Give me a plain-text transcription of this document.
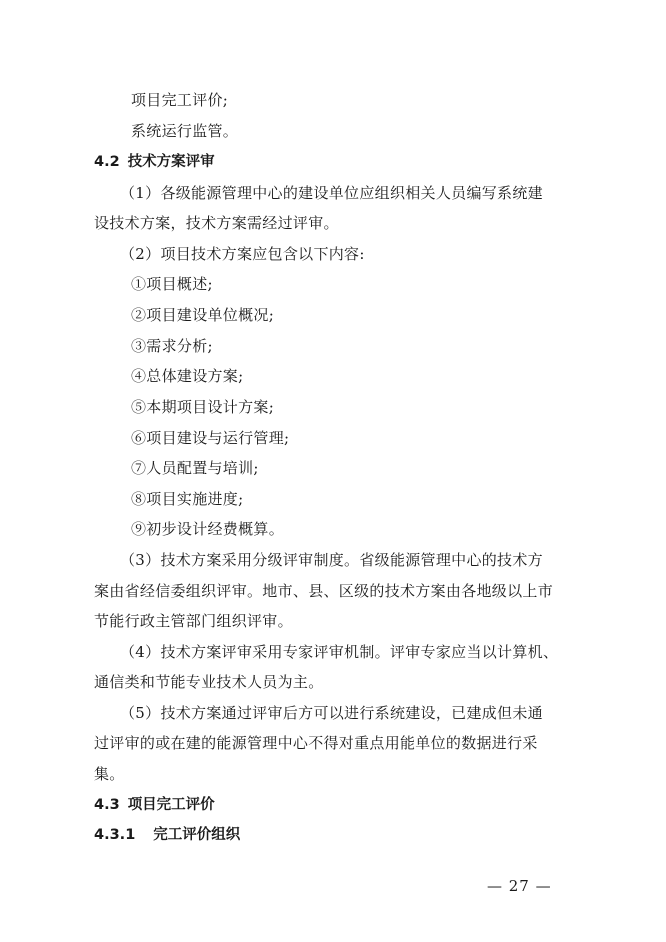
项目完工评价;
系统运行监管。
4.2 技术方案评审
（1）各级能源管理中心的建设单位应组织相关人员编写系统建
设技术方案，技术方案需经过评审。
（2）项目技术方案应包含以下内容:
①项目概述;
②项目建设单位概况;
③需求分析;
④总体建设方案;
⑤本期项目设计方案;
⑥项目建设与运行管理;
⑦人员配置与培训;
⑧项目实施进度;
⑨初步设计经费概算。
（3）技术方案采用分级评审制度。省级能源管理中心的技术方
案由省经信委组织评审。地市、县、区级的技术方案由各地级以上市
节能行政主管部门组织评审。
（4）技术方案评审采用专家评审机制。评审专家应当以计算机、
通信类和节能专业技术人员为主。
（5）技术方案通过评审后方可以进行系统建设，已建成但未通
过评审的或在建的能源管理中心不得对重点用能单位的数据进行采
集。
4.3 项目完工评价
4.3.1 完工评价组织
— 27 —
